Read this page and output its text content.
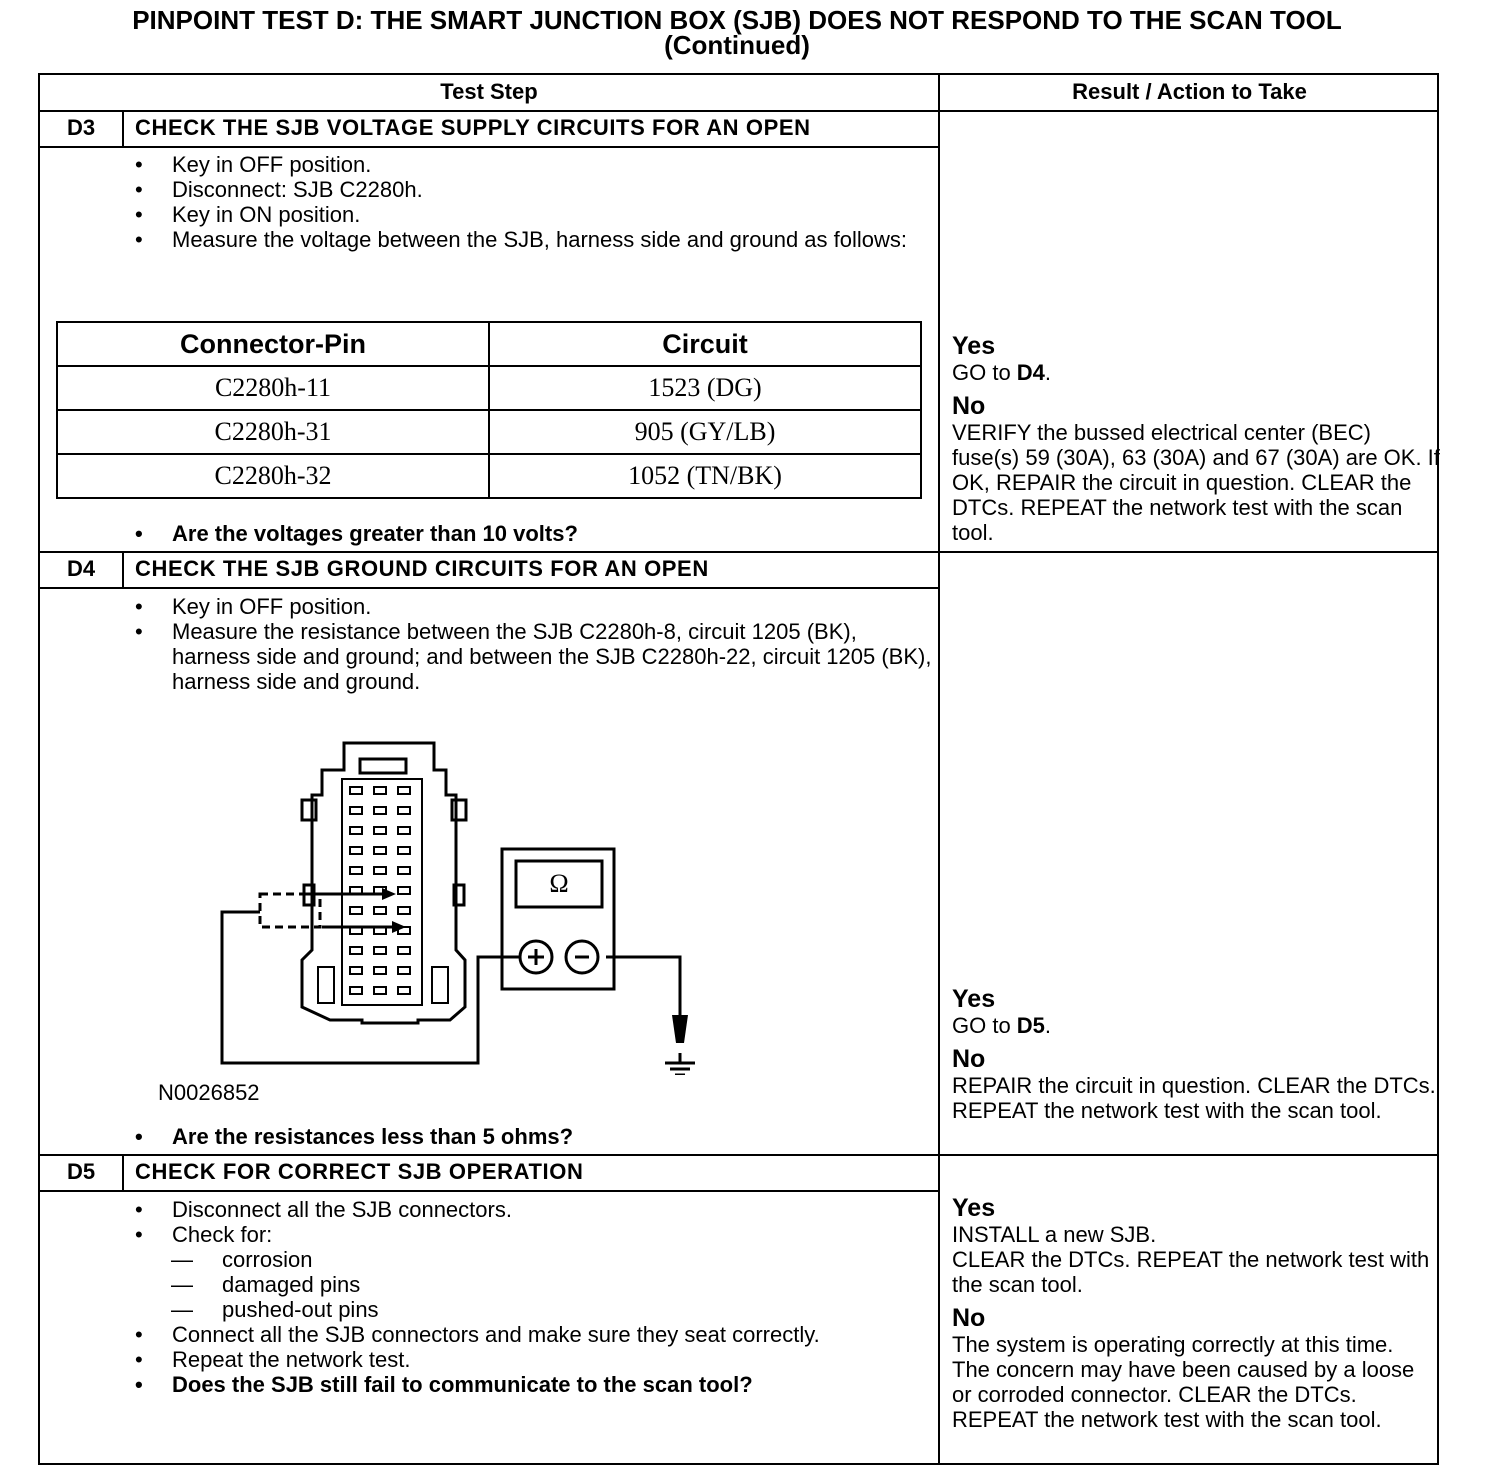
PINPOINT TEST D: THE SMART JUNCTION BOX (SJB) DOES NOT RESPOND TO THE SCAN TOOL
(Continued)
Test Step	Result / Action to Take
D3	CHECK THE SJB VOLTAGE SUPPLY CIRCUITS FOR AN OPEN
• Key in OFF position.
• Disconnect: SJB C2280h.
• Key in ON position.
• Measure the voltage between the SJB, harness side and ground as follows:
Connector-Pin	Circuit
C2280h-11	1523 (DG)
C2280h-31	905 (GY/LB)
C2280h-32	1052 (TN/BK)
• Are the voltages greater than 10 volts?
Yes
GO to D4.
No
VERIFY the bussed electrical center (BEC) fuse(s) 59 (30A), 63 (30A) and 67 (30A) are OK. If OK, REPAIR the circuit in question. CLEAR the DTCs. REPEAT the network test with the scan tool.
D4	CHECK THE SJB GROUND CIRCUITS FOR AN OPEN
• Key in OFF position.
• Measure the resistance between the SJB C2280h-8, circuit 1205 (BK), harness side and ground; and between the SJB C2280h-22, circuit 1205 (BK), harness side and ground.
Ω
N0026852
• Are the resistances less than 5 ohms?
Yes
GO to D5.
No
REPAIR the circuit in question. CLEAR the DTCs. REPEAT the network test with the scan tool.
D5	CHECK FOR CORRECT SJB OPERATION
• Disconnect all the SJB connectors.
• Check for:
— corrosion
— damaged pins
— pushed-out pins
• Connect all the SJB connectors and make sure they seat correctly.
• Repeat the network test.
• Does the SJB still fail to communicate to the scan tool?
Yes
INSTALL a new SJB.
CLEAR the DTCs. REPEAT the network test with the scan tool.
No
The system is operating correctly at this time. The concern may have been caused by a loose or corroded connector. CLEAR the DTCs. REPEAT the network test with the scan tool.
